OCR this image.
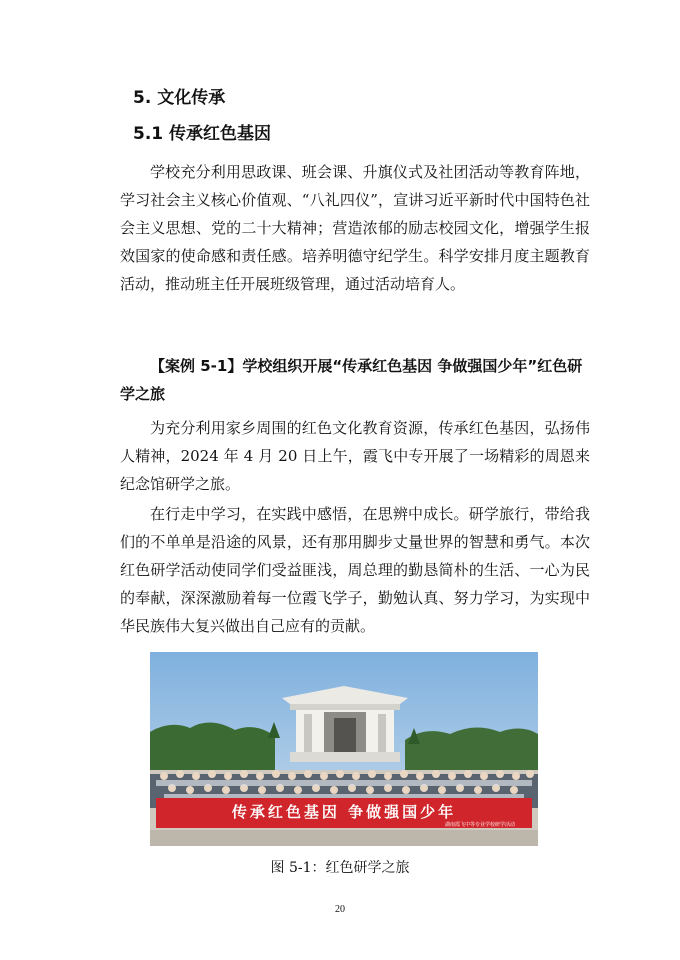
5. 文化传承
5.1 传承红色基因

学校充分利用思政课、班会课、升旗仪式及社团活动等教育阵地，学习社会主义核心价值观、“八礼四仪”，宣讲习近平新时代中国特色社会主义思想、党的二十大精神；营造浓郁的励志校园文化，增强学生报效国家的使命感和责任感。培养明德守纪学生。科学安排月度主题教育活动，推动班主任开展班级管理，通过活动培育人。

【案例 5-1】学校组织开展“传承红色基因 争做强国少年”红色研学之旅

为充分利用家乡周围的红色文化教育资源，传承红色基因，弘扬伟人精神，2024 年 4 月 20 日上午，霞飞中专开展了一场精彩的周恩来纪念馆研学之旅。

在行走中学习，在实践中感悟，在思辨中成长。研学旅行，带给我们的不单单是沿途的风景，还有那用脚步丈量世界的智慧和勇气。本次红色研学活动使同学们受益匪浅，周总理的勤恳简朴的生活、一心为民的奉献，深深激励着每一位霞飞学子，勤勉认真、努力学习，为实现中华民族伟大复兴做出自己应有的贡献。

传承红色基因 争做强国少年
湖南霞飞中等专业学校研学活动
图 5-1：红色研学之旅
20
